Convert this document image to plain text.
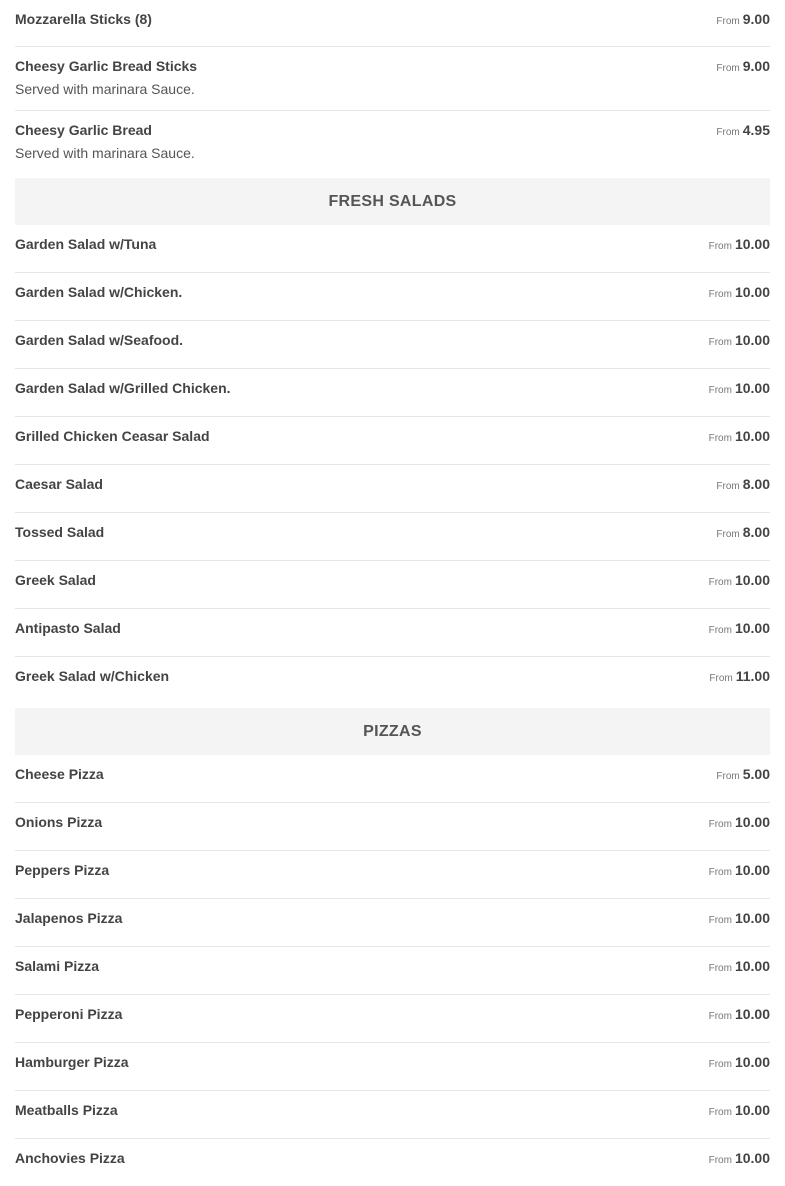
Mozzarella Sticks (8)	From 9.00
Cheesy Garlic Bread Sticks
Served with marinara Sauce.
From 9.00
Cheesy Garlic Bread
Served with marinara Sauce.
From 4.95
FRESH SALADS
Garden Salad w/Tuna	From 10.00
Garden Salad w/Chicken.	From 10.00
Garden Salad w/Seafood.	From 10.00
Garden Salad w/Grilled Chicken.	From 10.00
Grilled Chicken Ceasar Salad	From 10.00
Caesar Salad	From 8.00
Tossed Salad	From 8.00
Greek Salad	From 10.00
Antipasto Salad	From 10.00
Greek Salad w/Chicken	From 11.00
PIZZAS
Cheese Pizza	From 5.00
Onions Pizza	From 10.00
Peppers Pizza	From 10.00
Jalapenos Pizza	From 10.00
Salami Pizza	From 10.00
Pepperoni Pizza	From 10.00
Hamburger Pizza	From 10.00
Meatballs Pizza	From 10.00
Anchovies Pizza	From 10.00
